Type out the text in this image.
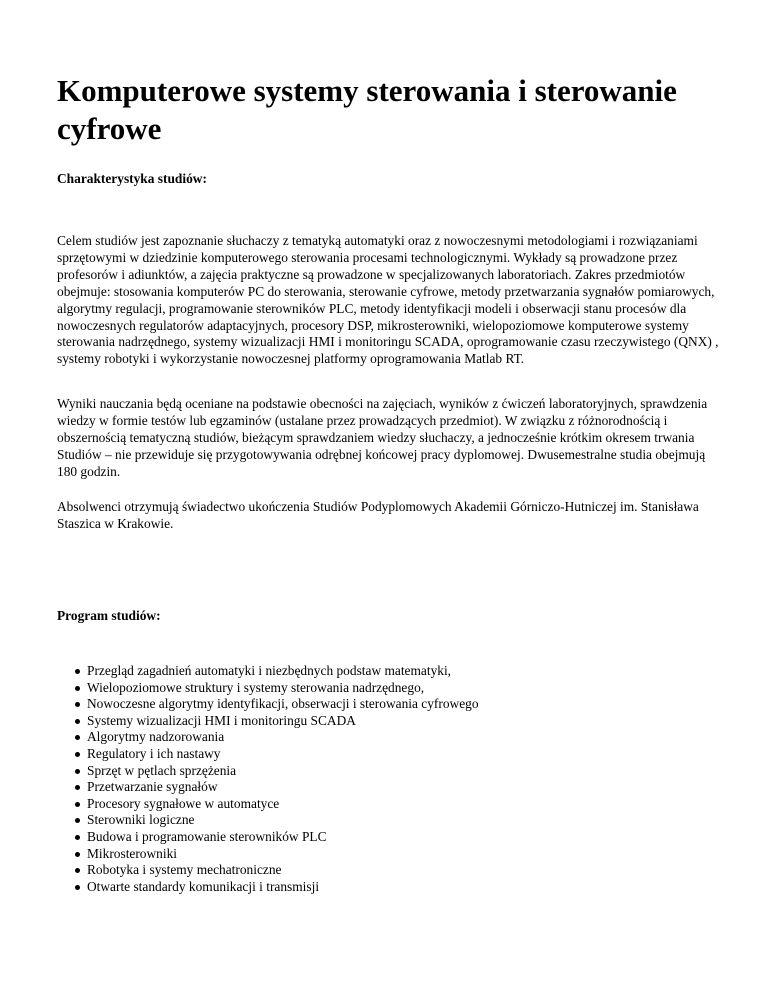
Komputerowe systemy sterowania i sterowanie cyfrowe

Charakterystyka studiów:

Celem studiów jest zapoznanie słuchaczy z tematyką automatyki oraz z nowoczesnymi metodologiami i rozwiązaniami sprzętowymi w dziedzinie komputerowego sterowania procesami technologicznymi. Wykłady są prowadzone przez profesorów i adiunktów, a zajęcia praktyczne są prowadzone w specjalizowanych laboratoriach. Zakres przedmiotów obejmuje: stosowania komputerów PC do sterowania, sterowanie cyfrowe, metody przetwarzania sygnałów pomiarowych, algorytmy regulacji, programowanie sterowników PLC, metody identyfikacji modeli i obserwacji stanu procesów dla nowoczesnych regulatorów adaptacyjnych, procesory DSP, mikrosterowniki, wielopoziomowe komputerowe systemy sterowania nadrzędnego, systemy wizualizacji HMI i monitoringu SCADA, oprogramowanie czasu rzeczywistego (QNX) , systemy robotyki i wykorzystanie nowoczesnej platformy oprogramowania Matlab RT.

Wyniki nauczania będą oceniane na podstawie obecności na zajęciach, wyników z ćwiczeń laboratoryjnych, sprawdzenia wiedzy w formie testów lub egzaminów (ustalane przez prowadzących przedmiot). W związku z różnorodnością i obszernością tematyczną studiów, bieżącym sprawdzaniem wiedzy słuchaczy, a jednocześnie krótkim okresem trwania Studiów – nie przewiduje się przygotowywania odrębnej końcowej pracy dyplomowej. Dwusemestralne studia obejmują 180 godzin.

Absolwenci otrzymują świadectwo ukończenia Studiów Podyplomowych Akademii Górniczo-Hutniczej im. Stanisława Staszica w Krakowie.

Program studiów:

Przegląd zagadnień automatyki i niezbędnych podstaw matematyki,
Wielopoziomowe struktury i systemy sterowania nadrzędnego,
Nowoczesne algorytmy identyfikacji, obserwacji i sterowania cyfrowego
Systemy wizualizacji HMI i monitoringu SCADA
Algorytmy nadzorowania
Regulatory i ich nastawy
Sprzęt w pętlach sprzężenia
Przetwarzanie sygnałów
Procesory sygnałowe w automatyce
Sterowniki logiczne
Budowa i programowanie sterowników PLC
Mikrosterowniki
Robotyka i systemy mechatroniczne
Otwarte standardy komunikacji i transmisji
